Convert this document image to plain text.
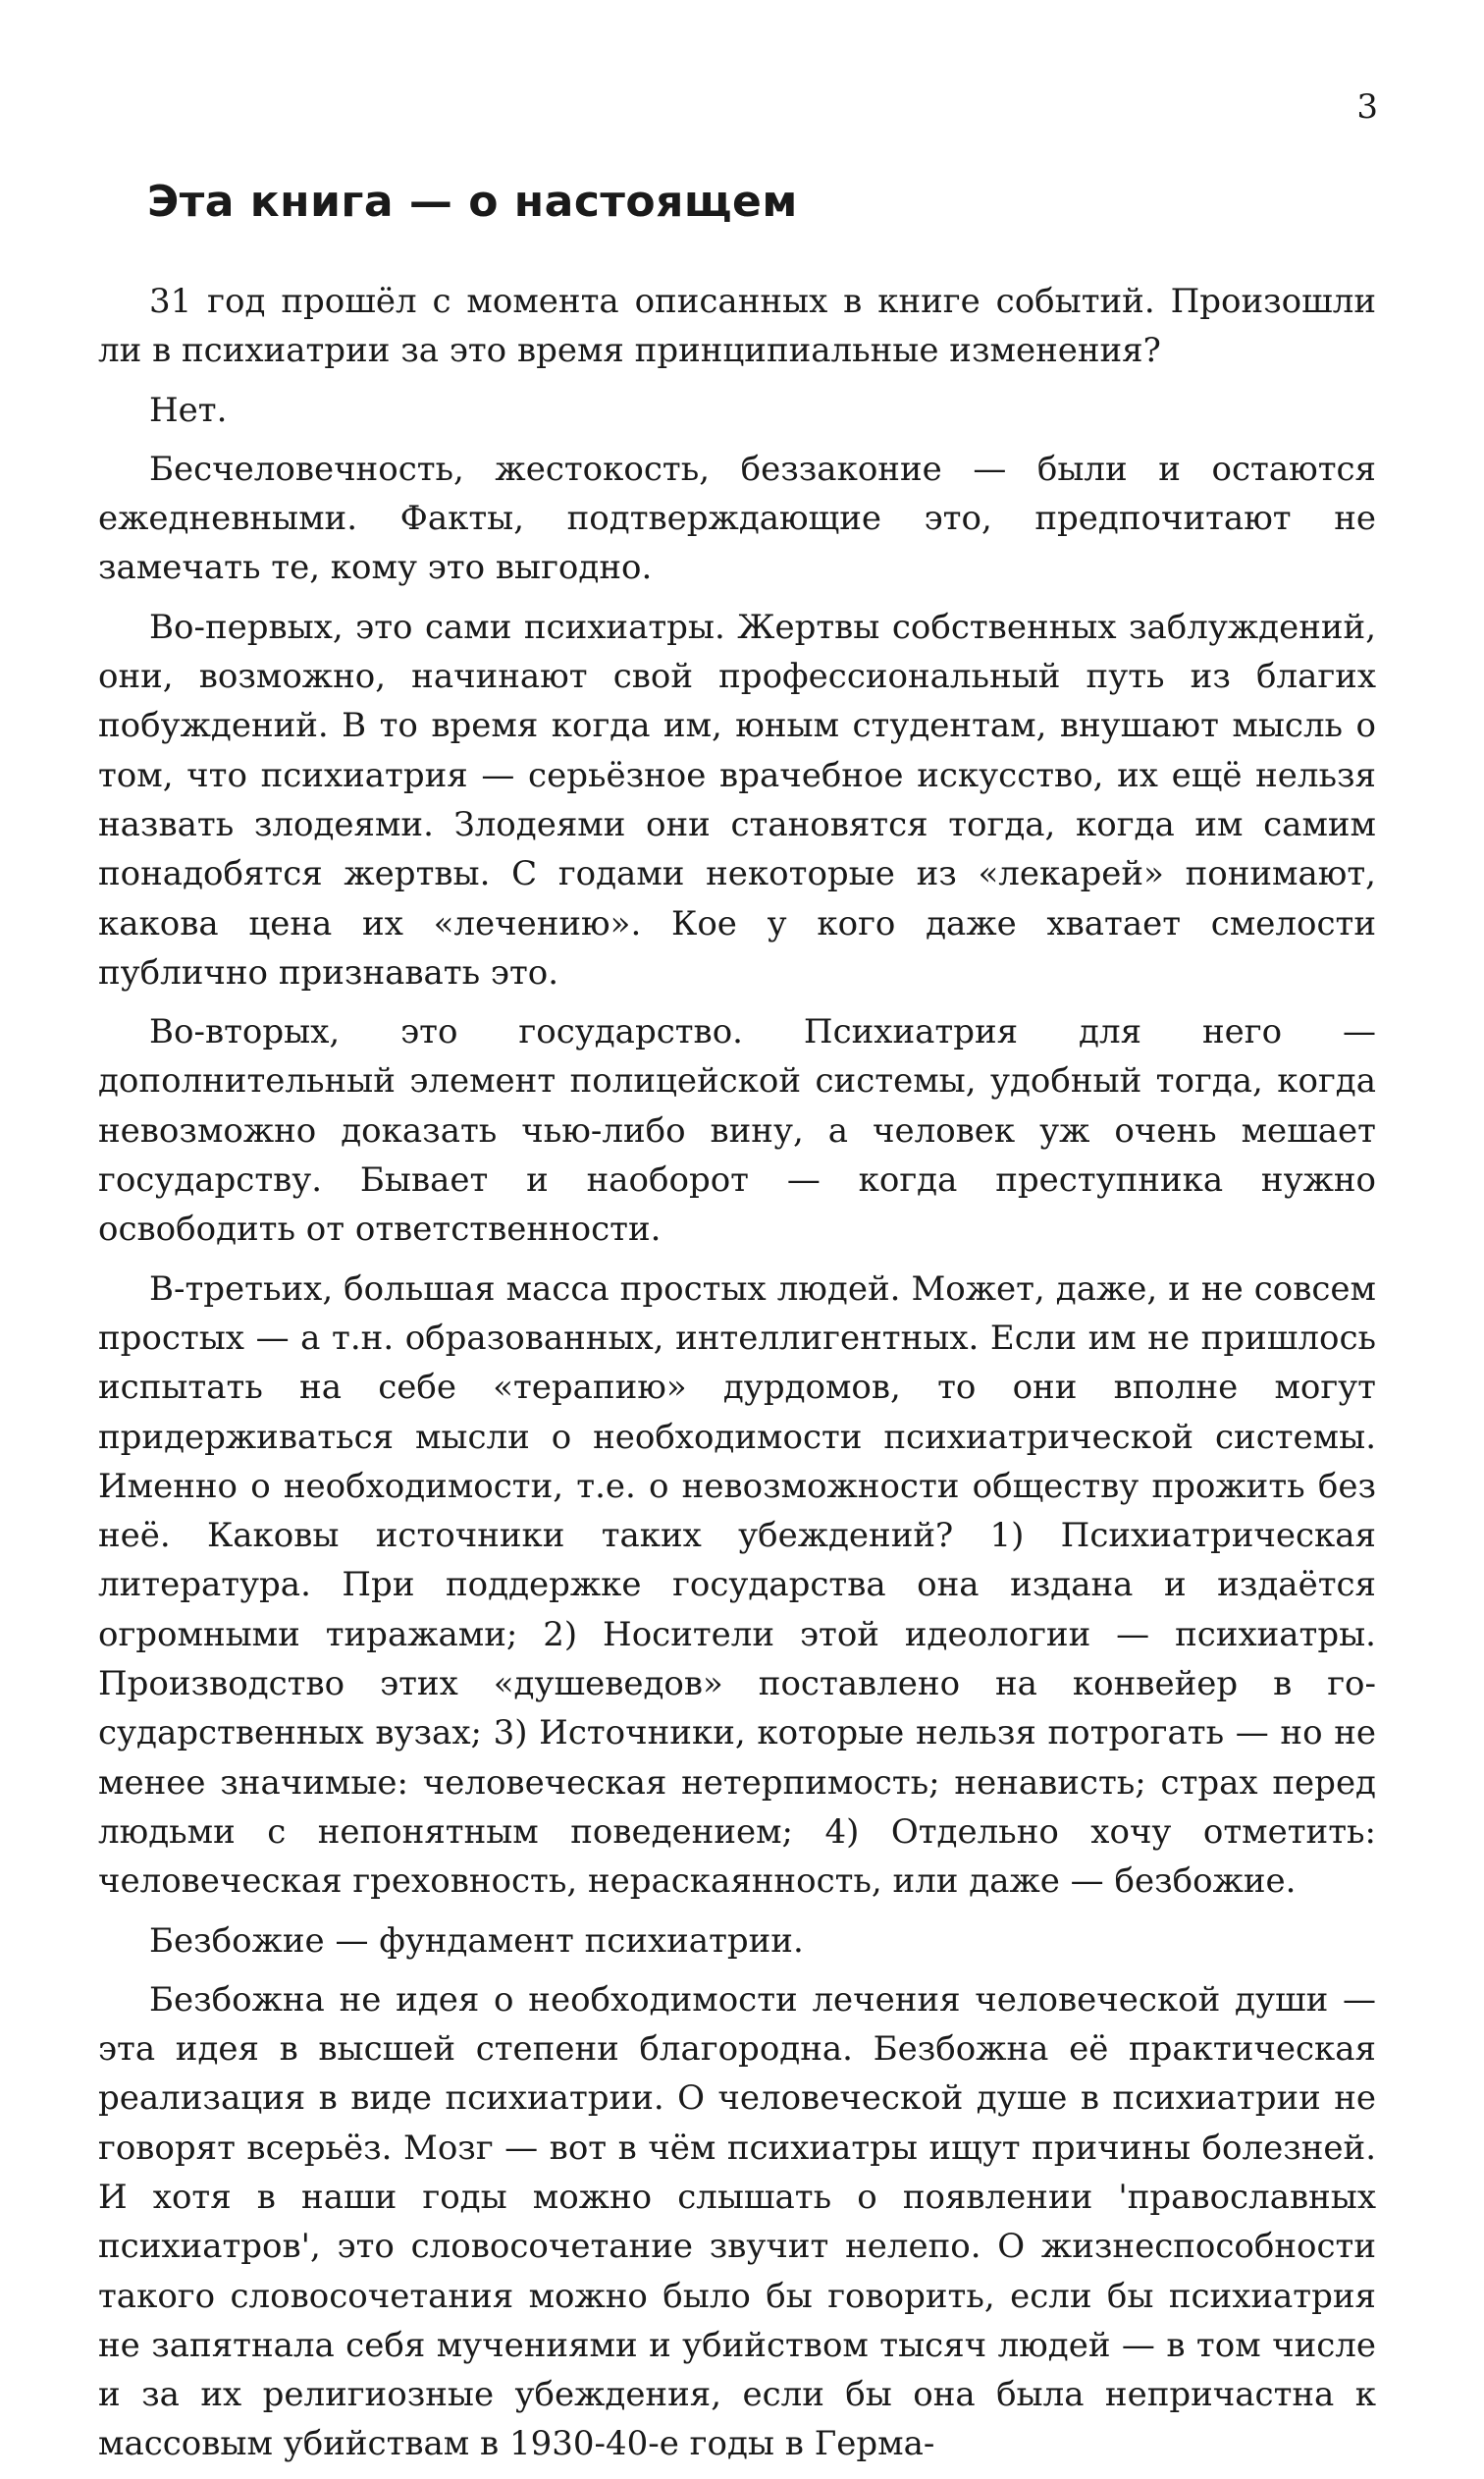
3
Эта книга — о настоящем

31 год прошёл с момента описанных в книге событий. Произошли ли в психиатрии за это время принципиальные изменения?

Нет.

Бесчеловечность, жестокость, беззаконие — были и остаются ежедневными. Факты, подтверждающие это, предпочитают не замечать те, кому это выгодно.

Во-первых, это сами психиатры. Жертвы собственных заблуждений, они, возможно, начинают свой профессиональный путь из благих побуждений. В то время когда им, юным студентам, внушают мысль о том, что психиатрия — серьёзное врачебное искусство, их ещё нельзя назвать злодеями. Злодеями они становятся тогда, когда им самим понадобятся жертвы. С годами некоторые из «лекарей» понимают, какова цена их «лечению». Кое у кого даже хватает смелости публично признавать это.

Во-вторых, это государство. Психиатрия для него — дополнительный элемент полицейской системы, удобный тогда, когда невозможно доказать чью-либо вину, а человек уж очень мешает государству. Бывает и наоборот — когда преступника нужно освободить от ответственности.

В-третьих, большая масса простых людей. Может, даже, и не совсем простых — а т.н. образованных, интеллигентных. Если им не пришлось испытать на себе «терапию» дурдомов, то они вполне могут придерживаться мысли о необходимости психиатрической системы. Именно о необходимости, т.е. о невозможности обществу прожить без неё. Каковы источники таких убеждений? 1) Психиатрическая литература. При поддержке государства она издана и издаётся огромными тиражами; 2) Носители этой идеологии — психиатры. Производство этих «душеведов» поставлено на конвейер в государственных вузах; 3) Источники, которые нельзя потрогать — но не менее значимые: человеческая нетерпимость; ненависть; страх перед людьми с непонятным поведением; 4) Отдельно хочу отметить: человеческая греховность, нераскаянность, или даже — безбожие.

Безбожие — фундамент психиатрии.

Безбожна не идея о необходимости лечения человеческой души — эта идея в высшей степени благородна. Безбожна её практическая реализация в виде психиатрии. О человеческой душе в психиатрии не говорят всерьёз. Мозг — вот в чём психиатры ищут причины болезней. И хотя в наши годы можно слышать о появлении 'православных психиатров', это словосочетание звучит нелепо. О жизнеспособности такого словосочетания можно было бы говорить, если бы психиатрия не запятнала себя мучениями и убийством тысяч людей — в том числе и за их религиозные убеждения, если бы она была непричастна к массовым убийствам в 1930-40-е годы в Герма-
